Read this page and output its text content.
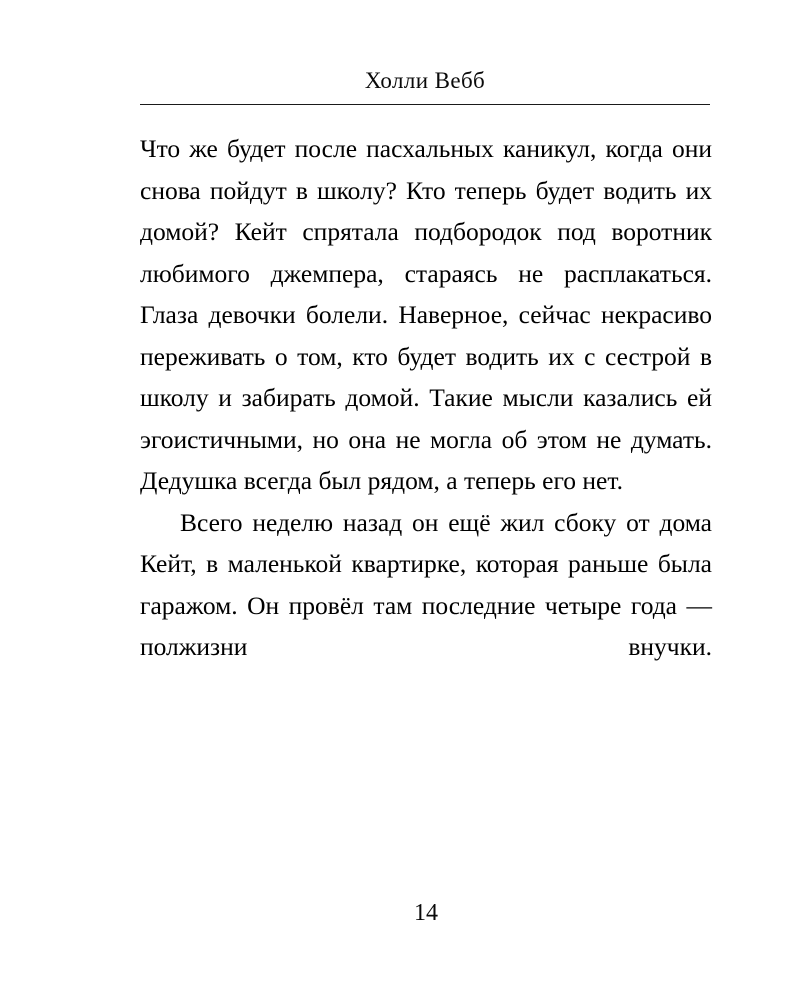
Холли Вебб

Что же будет после пасхальных каникул, когда они снова пойдут в школу? Кто теперь будет водить их домой? Кейт спрятала подбородок под воротник любимого джемпера, стараясь не расплакаться. Глаза девочки болели. Наверное, сейчас некрасиво переживать о том, кто будет водить их с сестрой в школу и забирать домой. Такие мысли казались ей эгоистичными, но она не могла об этом не думать. Дедушка всегда был рядом, а теперь его нет.

Всего неделю назад он ещё жил сбоку от дома Кейт, в маленькой квартирке, которая раньше была гаражом. Он провёл там последние четыре года — полжизни внучки.

14
